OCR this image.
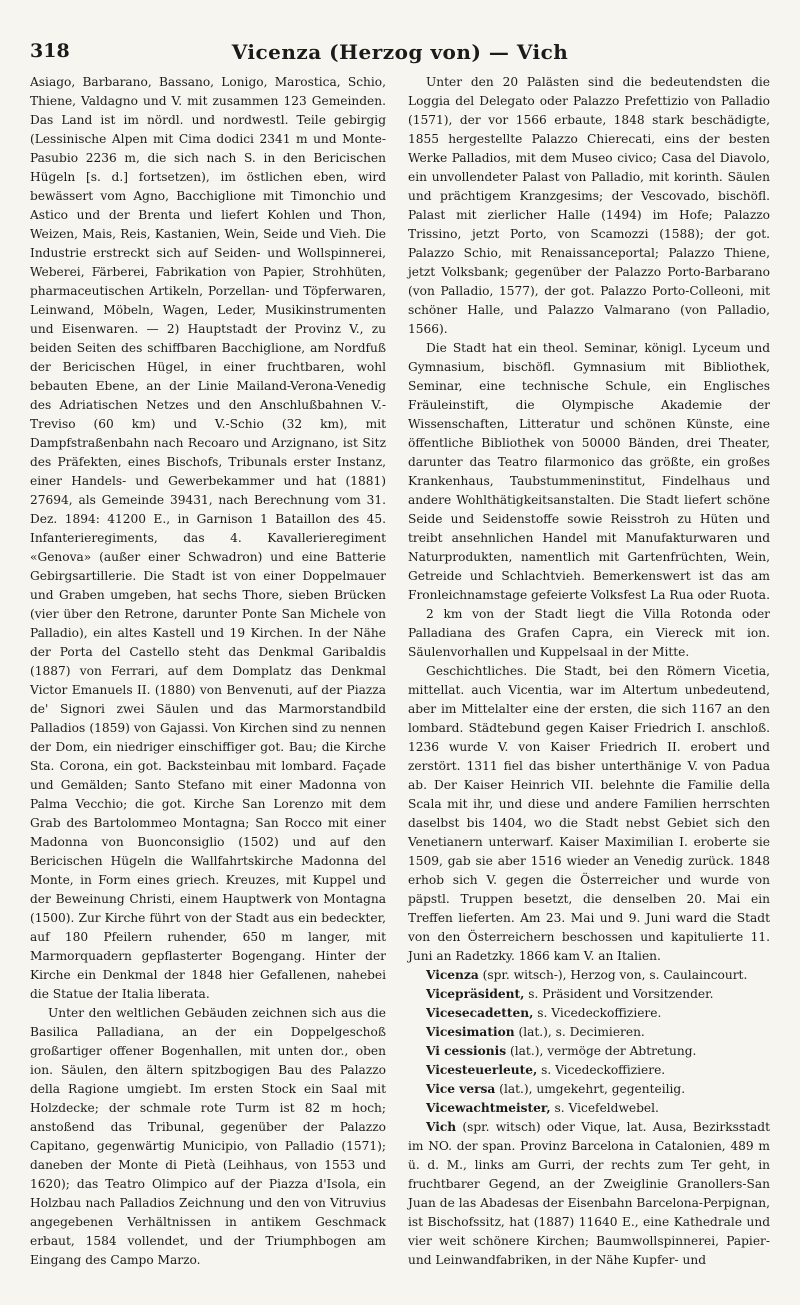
318	Vicenza (Herzog von) — Vich

Asiago, Barbarano, Bassano, Lonigo, Marostica, Schio, Thiene, Valdagno und V. mit zusammen 123 Gemeinden. Das Land ist im nördl. und nordwestl. Teile gebirgig (Lessinische Alpen mit Cima dodici 2341 m und Monte-Pasubio 2236 m, die sich nach S. in den Bericischen Hügeln [s. d.] fortsetzen), im östlichen eben, wird bewässert vom Agno, Bacchiglione mit Timonchio und Astico und der Brenta und liefert Kohlen und Thon, Weizen, Mais, Reis, Kastanien, Wein, Seide und Vieh. Die Industrie erstreckt sich auf Seiden- und Wollspinnerei, Weberei, Färberei, Fabrikation von Papier, Strohhüten, pharmaceutischen Artikeln, Porzellan- und Töpferwaren, Leinwand, Möbeln, Wagen, Leder, Musikinstrumenten und Eisenwaren. — 2) Hauptstadt der Provinz V., zu beiden Seiten des schiffbaren Bacchiglione, am Nordfuß der Bericischen Hügel, in einer fruchtbaren, wohl bebauten Ebene, an der Linie Mailand-Verona-Venedig des Adriatischen Netzes und den Anschlußbahnen V.-Treviso (60 km) und V.-Schio (32 km), mit Dampfstraßenbahn nach Recoaro und Arzignano, ist Sitz des Präfekten, eines Bischofs, Tribunals erster Instanz, einer Handels- und Gewerbekammer und hat (1881) 27694, als Gemeinde 39431, nach Berechnung vom 31. Dez. 1894: 41200 E., in Garnison 1 Bataillon des 45. Infanterieregiments, das 4. Kavallerieregiment «Genova» (außer einer Schwadron) und eine Batterie Gebirgsartillerie. Die Stadt ist von einer Doppelmauer und Graben umgeben, hat sechs Thore, sieben Brücken (vier über den Retrone, darunter Ponte San Michele von Palladio), ein altes Kastell und 19 Kirchen. In der Nähe der Porta del Castello steht das Denkmal Garibaldis (1887) von Ferrari, auf dem Domplatz das Denkmal Victor Emanuels II. (1880) von Benvenuti, auf der Piazza de' Signori zwei Säulen und das Marmorstandbild Palladios (1859) von Gajassi. Von Kirchen sind zu nennen der Dom, ein niedriger einschiffiger got. Bau; die Kirche Sta. Corona, ein got. Backsteinbau mit lombard. Façade und Gemälden; Santo Stefano mit einer Madonna von Palma Vecchio; die got. Kirche San Lorenzo mit dem Grab des Bartolommeo Montagna; San Rocco mit einer Madonna von Buonconsiglio (1502) und auf den Bericischen Hügeln die Wallfahrtskirche Madonna del Monte, in Form eines griech. Kreuzes, mit Kuppel und der Beweinung Christi, einem Hauptwerk von Montagna (1500). Zur Kirche führt von der Stadt aus ein bedeckter, auf 180 Pfeilern ruhender, 650 m langer, mit Marmorquadern gepflasterter Bogengang. Hinter der Kirche ein Denkmal der 1848 hier Gefallenen, nahebei die Statue der Italia liberata.

Unter den weltlichen Gebäuden zeichnen sich aus die Basilica Palladiana, an der ein Doppelgeschoß großartiger offener Bogenhallen, mit unten dor., oben ion. Säulen, den ältern spitzbogigen Bau des Palazzo della Ragione umgiebt. Im ersten Stock ein Saal mit Holzdecke; der schmale rote Turm ist 82 m hoch; anstoßend das Tribunal, gegenüber der Palazzo Capitano, gegenwärtig Municipio, von Palladio (1571); daneben der Monte di Pietà (Leihhaus, von 1553 und 1620); das Teatro Olimpico auf der Piazza d'Isola, ein Holzbau nach Palladios Zeichnung und den von Vitruvius angegebenen Verhältnissen in antikem Geschmack erbaut, 1584 vollendet, und der Triumphbogen am Eingang des Campo Marzo.

Unter den 20 Palästen sind die bedeutendsten die Loggia del Delegato oder Palazzo Prefettizio von Palladio (1571), der vor 1566 erbaute, 1848 stark beschädigte, 1855 hergestellte Palazzo Chierecati, eins der besten Werke Palladios, mit dem Museo civico; Casa del Diavolo, ein unvollendeter Palast von Palladio, mit korinth. Säulen und prächtigem Kranzgesims; der Vescovado, bischöfl. Palast mit zierlicher Halle (1494) im Hofe; Palazzo Trissino, jetzt Porto, von Scamozzi (1588); der got. Palazzo Schio, mit Renaissanceportal; Palazzo Thiene, jetzt Volksbank; gegenüber der Palazzo Porto-Barbarano (von Palladio, 1577), der got. Palazzo Porto-Colleoni, mit schöner Halle, und Palazzo Valmarano (von Palladio, 1566).

Die Stadt hat ein theol. Seminar, königl. Lyceum und Gymnasium, bischöfl. Gymnasium mit Bibliothek, Seminar, eine technische Schule, ein Englisches Fräuleinstift, die Olympische Akademie der Wissenschaften, Litteratur und schönen Künste, eine öffentliche Bibliothek von 50000 Bänden, drei Theater, darunter das Teatro filarmonico das größte, ein großes Krankenhaus, Taubstummeninstitut, Findelhaus und andere Wohlthätigkeitsanstalten. Die Stadt liefert schöne Seide und Seidenstoffe sowie Reisstroh zu Hüten und treibt ansehnlichen Handel mit Manufakturwaren und Naturprodukten, namentlich mit Gartenfrüchten, Wein, Getreide und Schlachtvieh. Bemerkenswert ist das am Fronleichnamstage gefeierte Volksfest La Rua oder Ruota.

2 km von der Stadt liegt die Villa Rotonda oder Palladiana des Grafen Capra, ein Viereck mit ion. Säulenvorhallen und Kuppelsaal in der Mitte.

Geschichtliches. Die Stadt, bei den Römern Vicetia, mittellat. auch Vicentia, war im Altertum unbedeutend, aber im Mittelalter eine der ersten, die sich 1167 an den lombard. Städtebund gegen Kaiser Friedrich I. anschloß. 1236 wurde V. von Kaiser Friedrich II. erobert und zerstört. 1311 fiel das bisher unterthänige V. von Padua ab. Der Kaiser Heinrich VII. belehnte die Familie della Scala mit ihr, und diese und andere Familien herrschten daselbst bis 1404, wo die Stadt nebst Gebiet sich den Venetianern unterwarf. Kaiser Maximilian I. eroberte sie 1509, gab sie aber 1516 wieder an Venedig zurück. 1848 erhob sich V. gegen die Österreicher und wurde von päpstl. Truppen besetzt, die denselben 20. Mai ein Treffen lieferten. Am 23. Mai und 9. Juni ward die Stadt von den Österreichern beschossen und kapitulierte 11. Juni an Radetzky. 1866 kam V. an Italien.

Vicenza (spr. witsch-), Herzog von, s. Caulaincourt.

Vicepräsident, s. Präsident und Vorsitzender.

Vicesecadetten, s. Vicedeckoffiziere.

Vicesimation (lat.), s. Decimieren.

Vi cessionis (lat.), vermöge der Abtretung.

Vicesteuerleute, s. Vicedeckoffiziere.

Vice versa (lat.), umgekehrt, gegenteilig.

Vicewachtmeister, s. Vicefeldwebel.

Vich (spr. witsch) oder Vique, lat. Ausa, Bezirksstadt im NO. der span. Provinz Barcelona in Catalonien, 489 m ü. d. M., links am Gurri, der rechts zum Ter geht, in fruchtbarer Gegend, an der Zweiglinie Granollers-San Juan de las Abadesas der Eisenbahn Barcelona-Perpignan, ist Bischofssitz, hat (1887) 11640 E., eine Kathedrale und vier weit schönere Kirchen; Baumwollspinnerei, Papier- und Leinwandfabriken, in der Nähe Kupfer- und
